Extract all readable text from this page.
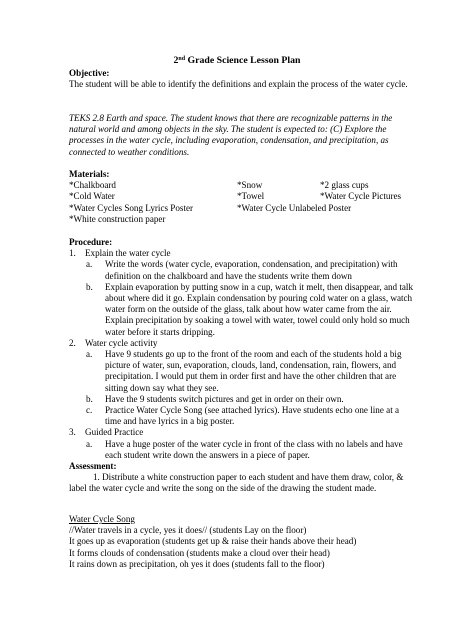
2nd Grade Science Lesson Plan
Objective:
The student will be able to identify the definitions and explain the process of the water cycle.
TEKS 2.8 Earth and space. The student knows that there are recognizable patterns in the natural world and among objects in the sky. The student is expected to: (C) Explore the processes in the water cycle, including evaporation, condensation, and precipitation, as connected to weather conditions.
Materials:
*Chalkboard	*Snow	*2 glass cups
*Cold Water	*Towel	*Water Cycle Pictures
*Water Cycles Song Lyrics Poster	*Water Cycle Unlabeled Poster
*White construction paper
Procedure:
1. Explain the water cycle
a. Write the words (water cycle, evaporation, condensation, and precipitation) with definition on the chalkboard and have the students write them down
b. Explain evaporation by putting snow in a cup, watch it melt, then disappear, and talk about where did it go. Explain condensation by pouring cold water on a glass, watch water form on the outside of the glass, talk about how water came from the air. Explain precipitation by soaking a towel with water, towel could only hold so much water before it starts dripping.
2. Water cycle activity
a. Have 9 students go up to the front of the room and each of the students hold a big picture of water, sun, evaporation, clouds, land, condensation, rain, flowers, and precipitation. I would put them in order first and have the other children that are sitting down say what they see.
b. Have the 9 students switch pictures and get in order on their own.
c. Practice Water Cycle Song (see attached lyrics). Have students echo one line at a time and have lyrics in a big poster.
3. Guided Practice
a. Have a huge poster of the water cycle in front of the class with no labels and have each student write down the answers in a piece of paper.
Assessment:
1. Distribute a white construction paper to each student and have them draw, color, & label the water cycle and write the song on the side of the drawing the student made.
Water Cycle Song
//Water travels in a cycle, yes it does// (students Lay on the floor)
It goes up as evaporation (students get up & raise their hands above their head)
It forms clouds of condensation (students make a cloud over their head)
It rains down as precipitation, oh yes it does (students fall to the floor)
